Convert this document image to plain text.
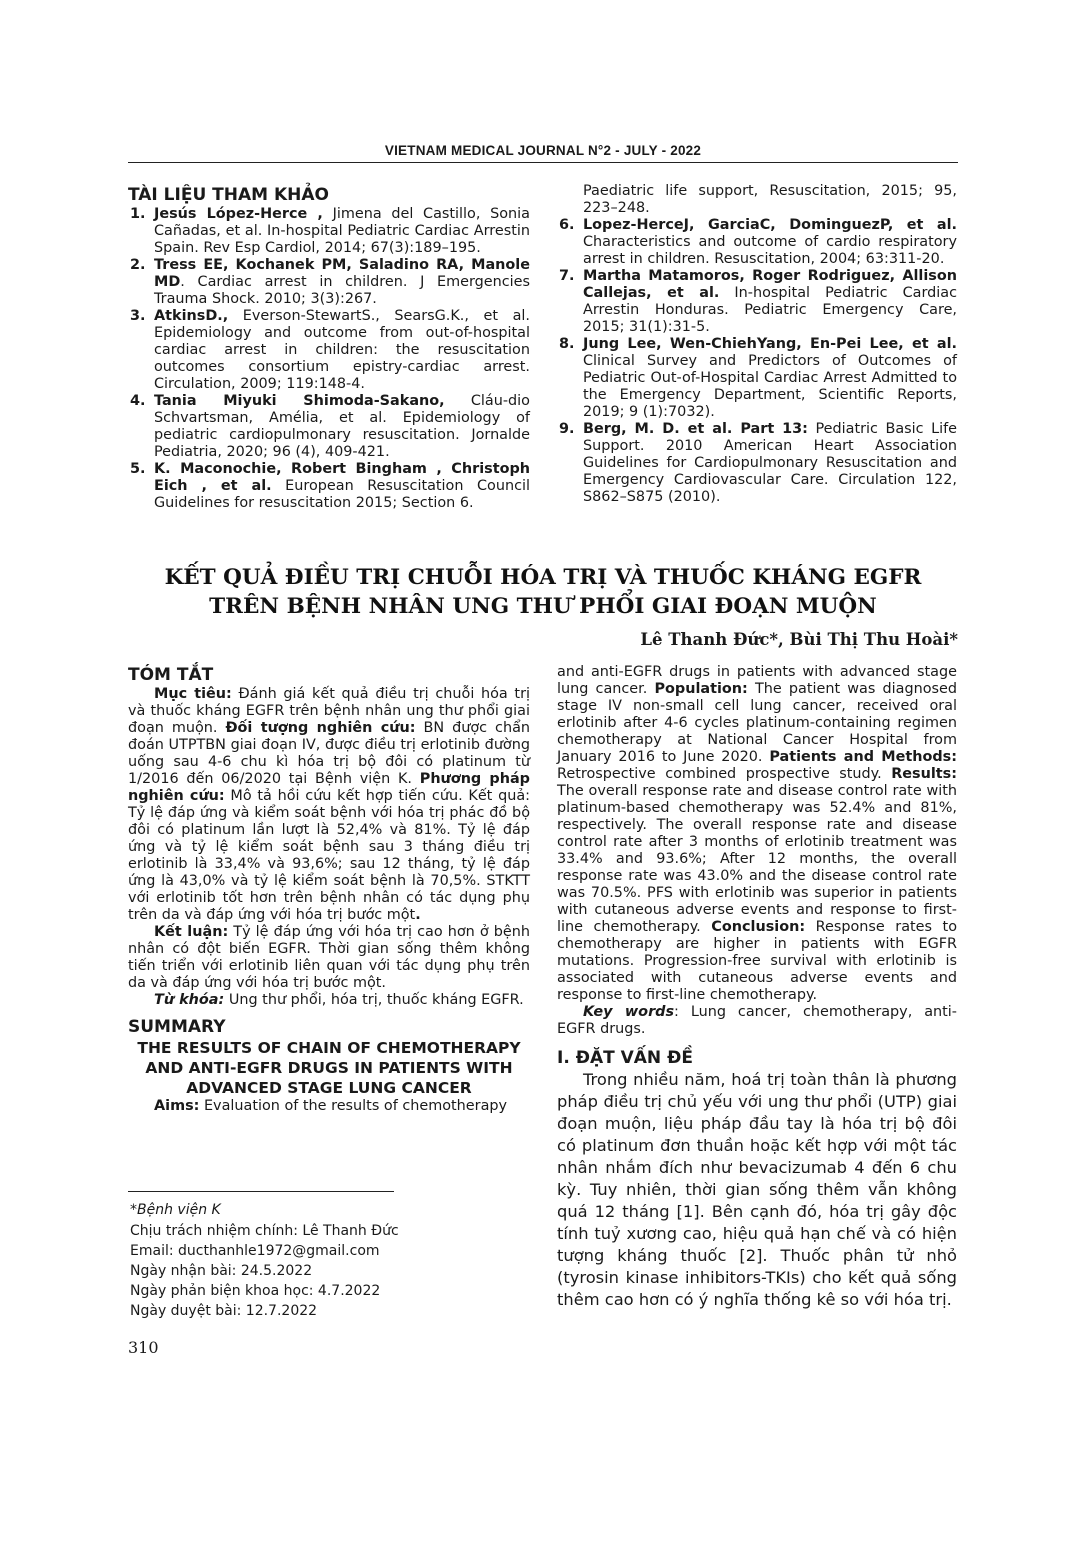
VIETNAM MEDICAL JOURNAL N°2 - JULY - 2022
TÀI LIỆU THAM KHẢO

1. Jesús López-Herce , Jimena del Castillo, Sonia Cañadas, et al. In-hospital Pediatric Cardiac Arrestin Spain. Rev Esp Cardiol, 2014; 67(3):189–195.

2. Tress EE, Kochanek PM, Saladino RA, Manole MD. Cardiac arrest in children. J Emergencies Trauma Shock. 2010; 3(3):267.

3. AtkinsD., Everson-StewartS., SearsG.K., et al. Epidemiology and outcome from out-of-hospital cardiac arrest in children: the resuscitation outcomes consortium epistry-cardiac arrest. Circulation, 2009; 119:148-4.

4. Tania Miyuki Shimoda-Sakano, Cláu-dio Schvartsman, Amélia, et al. Epidemiology of pediatric cardiopulmonary resuscitation. Jornalde Pediatria, 2020; 96 (4), 409-421.

5. K. Maconochie, Robert Bingham , Christoph Eich , et al. European Resuscitation Council Guidelines for resuscitation 2015; Section 6.

Paediatric life support, Resuscitation, 2015; 95, 223–248.

6. Lopez-HerceJ, GarciaC, DominguezP, et al. Characteristics and outcome of cardio respiratory arrest in children. Resuscitation, 2004; 63:311-20.

7. Martha Matamoros, Roger Rodriguez, Allison Callejas, et al. In-hospital Pediatric Cardiac Arrestin Honduras. Pediatric Emergency Care, 2015; 31(1):31-5.

8. Jung Lee, Wen-ChiehYang, En-Pei Lee, et al. Clinical Survey and Predictors of Outcomes of Pediatric Out-of-Hospital Cardiac Arrest Admitted to the Emergency Department, Scientific Reports, 2019; 9 (1):7032).

9. Berg, M. D. et al. Part 13: Pediatric Basic Life Support. 2010 American Heart Association Guidelines for Cardiopulmonary Resuscitation and Emergency Cardiovascular Care. Circulation 122, S862–S875 (2010).

KẾT QUẢ ĐIỀU TRỊ CHUỖI HÓA TRỊ VÀ THUỐC KHÁNG EGFR
TRÊN BỆNH NHÂN UNG THƯ PHỔI GIAI ĐOẠN MUỘN
Lê Thanh Đức*, Bùi Thị Thu Hoài*
TÓM TẮT

Mục tiêu: Đánh giá kết quả điều trị chuỗi hóa trị và thuốc kháng EGFR trên bệnh nhân ung thư phổi giai đoạn muộn. Đối tượng nghiên cứu: BN được chẩn đoán UTPTBN giai đoạn IV, được điều trị erlotinib đường uống sau 4-6 chu kì hóa trị bộ đôi có platinum từ 1/2016 đến 06/2020 tại Bệnh viện K. Phương pháp nghiên cứu: Mô tả hồi cứu kết hợp tiến cứu. Kết quả: Tỷ lệ đáp ứng và kiểm soát bệnh với hóa trị phác đồ bộ đôi có platinum lần lượt là 52,4% và 81%. Tỷ lệ đáp ứng và tỷ lệ kiểm soát bệnh sau 3 tháng điều trị erlotinib là 33,4% và 93,6%; sau 12 tháng, tỷ lệ đáp ứng là 43,0% và tỷ lệ kiểm soát bệnh là 70,5%. STKTT với erlotinib tốt hơn trên bệnh nhân có tác dụng phụ trên da và đáp ứng với hóa trị bước một.

Kết luận: Tỷ lệ đáp ứng với hóa trị cao hơn ở bệnh nhân có đột biến EGFR. Thời gian sống thêm không tiến triển với erlotinib liên quan với tác dụng phụ trên da và đáp ứng với hóa trị bước một.

Từ khóa: Ung thư phổi, hóa trị, thuốc kháng EGFR.

SUMMARY
THE RESULTS OF CHAIN OF CHEMOTHERAPY AND ANTI-EGFR DRUGS IN PATIENTS WITH ADVANCED STAGE LUNG CANCER

Aims: Evaluation of the results of chemotherapy

and anti-EGFR drugs in patients with advanced stage lung cancer. Population: The patient was diagnosed stage IV non-small cell lung cancer, received oral erlotinib after 4-6 cycles platinum-containing regimen chemotherapy at National Cancer Hospital from January 2016 to June 2020. Patients and Methods: Retrospective combined prospective study. Results: The overall response rate and disease control rate with platinum-based chemotherapy was 52.4% and 81%, respectively. The overall response rate and disease control rate after 3 months of erlotinib treatment was 33.4% and 93.6%; After 12 months, the overall response rate was 43.0% and the disease control rate was 70.5%. PFS with erlotinib was superior in patients with cutaneous adverse events and response to first-line chemotherapy. Conclusion: Response rates to chemotherapy are higher in patients with EGFR mutations. Progression-free survival with erlotinib is associated with cutaneous adverse events and response to first-line chemotherapy.

Key words: Lung cancer, chemotherapy, anti-EGFR drugs.

I. ĐẶT VẤN ĐỀ

Trong nhiều năm, hoá trị toàn thân là phương pháp điều trị chủ yếu với ung thư phổi (UTP) giai đoạn muộn, liệu pháp đầu tay là hóa trị bộ đôi có platinum đơn thuần hoặc kết hợp với một tác nhân nhắm đích như bevacizumab 4 đến 6 chu kỳ. Tuy nhiên, thời gian sống thêm vẫn không quá 12 tháng [1]. Bên cạnh đó, hóa trị gây độc tính tuỷ xương cao, hiệu quả hạn chế và có hiện tượng kháng thuốc [2]. Thuốc phân tử nhỏ (tyrosin kinase inhibitors-TKIs) cho kết quả sống thêm cao hơn có ý nghĩa thống kê so với hóa trị.

*Bệnh viện K
Chịu trách nhiệm chính: Lê Thanh Đức
Email: ducthanhle1972@gmail.com
Ngày nhận bài: 24.5.2022
Ngày phản biện khoa học: 4.7.2022
Ngày duyệt bài: 12.7.2022
310
